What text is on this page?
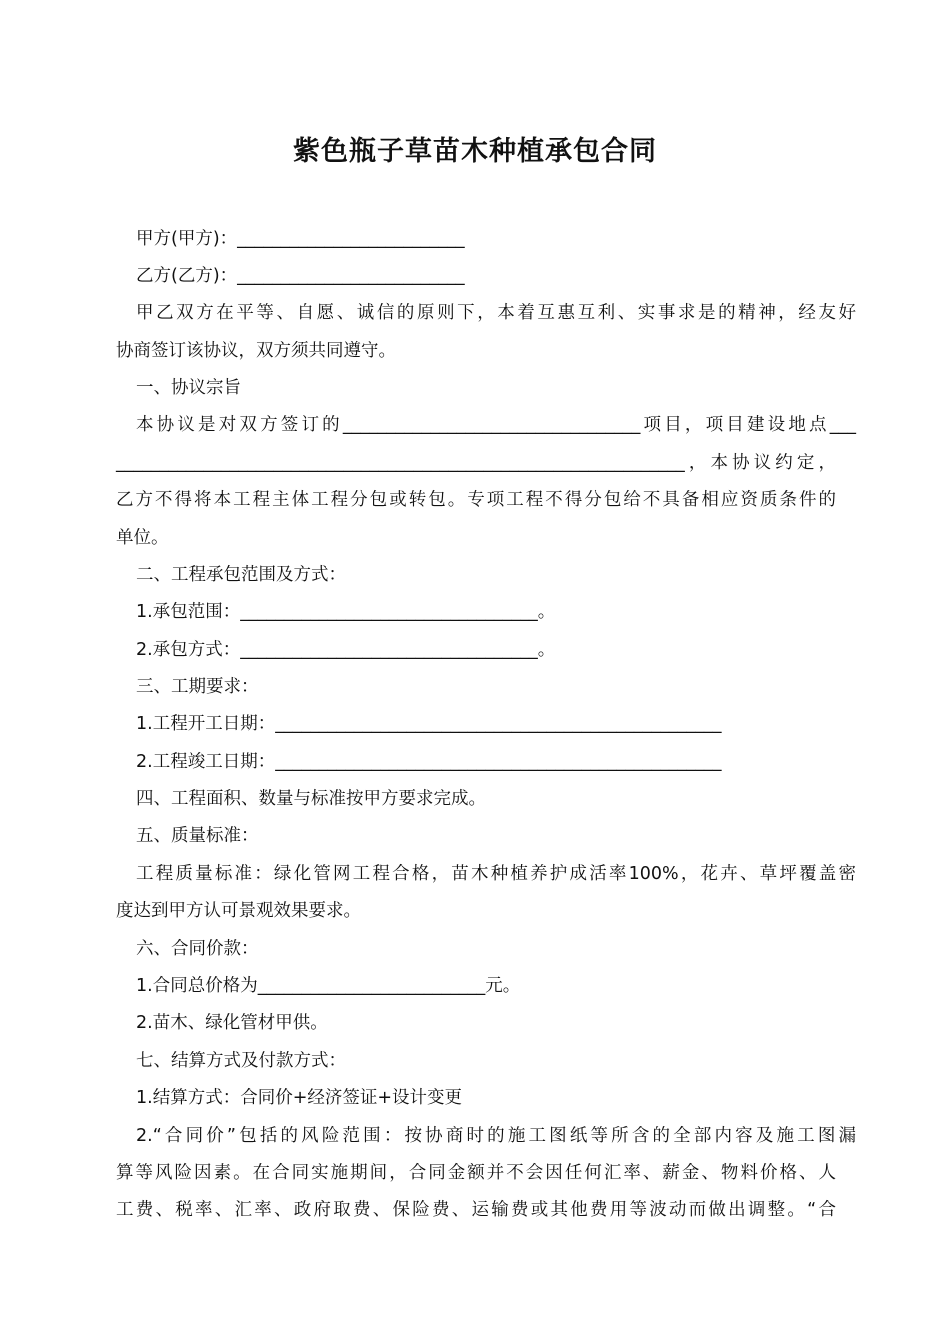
紫色瓶子草苗木种植承包合同
甲方(甲方)：__________________________
乙方(乙方)：__________________________
甲乙双方在平等、自愿、诚信的原则下，本着互惠互利、实事求是的精神，经友好
协商签订该协议，双方须共同遵守。
一、协议宗旨
本协议是对双方签订的__________________________________项目，项目建设地点___
_________________________________________________________________，本协议约定，
乙方不得将本工程主体工程分包或转包。专项工程不得分包给不具备相应资质条件的
单位。
二、工程承包范围及方式：
1.承包范围：__________________________________。
2.承包方式：__________________________________。
三、工期要求：
1.工程开工日期：___________________________________________________
2.工程竣工日期：___________________________________________________
四、工程面积、数量与标准按甲方要求完成。
五、质量标准：
工程质量标准：绿化管网工程合格，苗木种植养护成活率100%，花卉、草坪覆盖密
度达到甲方认可景观效果要求。
六、合同价款：
1.合同总价格为__________________________元。
2.苗木、绿化管材甲供。
七、结算方式及付款方式：
1.结算方式：合同价+经济签证+设计变更
2.“合同价”包括的风险范围：按协商时的施工图纸等所含的全部内容及施工图漏
算等风险因素。在合同实施期间，合同金额并不会因任何汇率、薪金、物料价格、人
工费、税率、汇率、政府取费、保险费、运输费或其他费用等波动而做出调整。“合
